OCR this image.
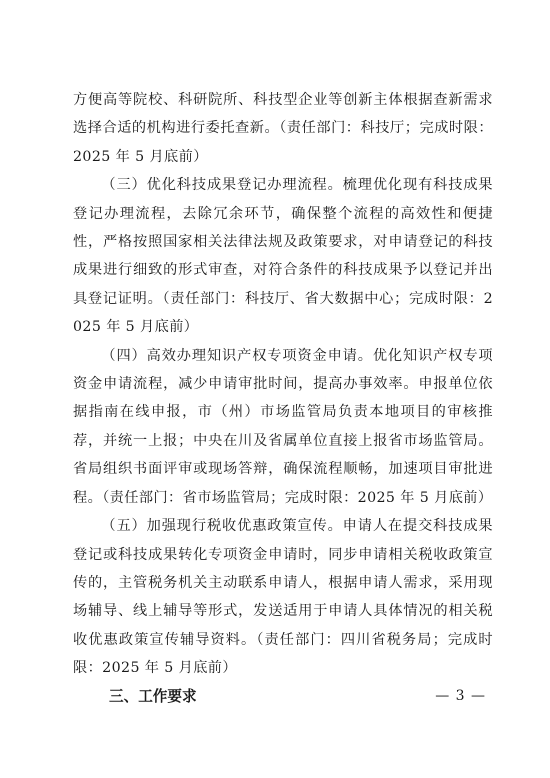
方便高等院校、科研院所、科技型企业等创新主体根据查新需求选择合适的机构进行委托查新。（责任部门：科技厅；完成时限：2025 年 5 月底前）

（三）优化科技成果登记办理流程。梳理优化现有科技成果登记办理流程，去除冗余环节，确保整个流程的高效性和便捷性，严格按照国家相关法律法规及政策要求，对申请登记的科技成果进行细致的形式审查，对符合条件的科技成果予以登记并出具登记证明。（责任部门：科技厅、省大数据中心；完成时限：2025 年 5 月底前）

（四）高效办理知识产权专项资金申请。优化知识产权专项资金申请流程，减少申请审批时间，提高办事效率。申报单位依据指南在线申报，市（州）市场监管局负责本地项目的审核推荐，并统一上报；中央在川及省属单位直接上报省市场监管局。省局组织书面评审或现场答辩，确保流程顺畅，加速项目审批进程。（责任部门：省市场监管局；完成时限：2025 年 5 月底前）

（五）加强现行税收优惠政策宣传。申请人在提交科技成果登记或科技成果转化专项资金申请时，同步申请相关税收政策宣传的，主管税务机关主动联系申请人，根据申请人需求，采用现场辅导、线上辅导等形式，发送适用于申请人具体情况的相关税收优惠政策宣传辅导资料。（责任部门：四川省税务局；完成时限：2025 年 5 月底前）

三、工作要求	— 3 —
